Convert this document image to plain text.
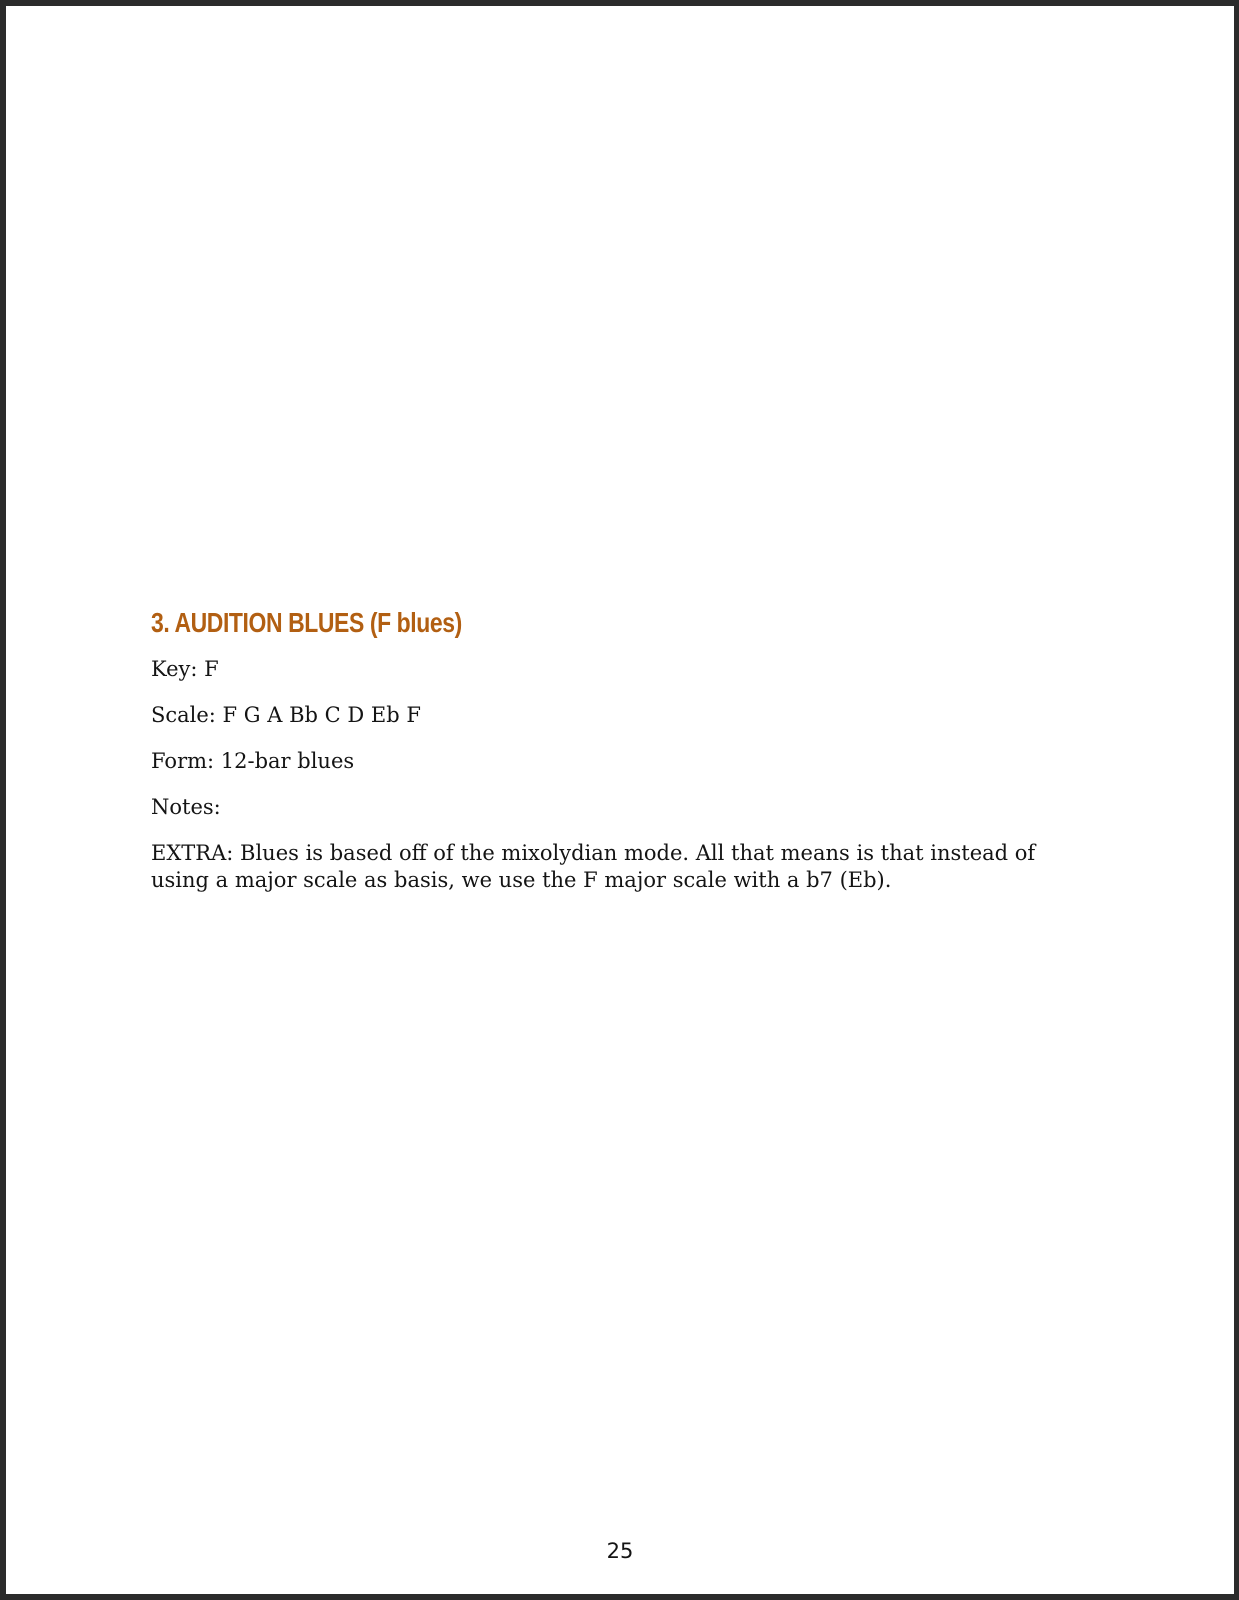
3. AUDITION BLUES (F blues)
Key: F
Scale: F G A Bb C D Eb F
Form: 12-bar blues
Notes:
EXTRA: Blues is based off of the mixolydian mode. All that means is that instead of using a major scale as basis, we use the F major scale with a b7 (Eb).
25
